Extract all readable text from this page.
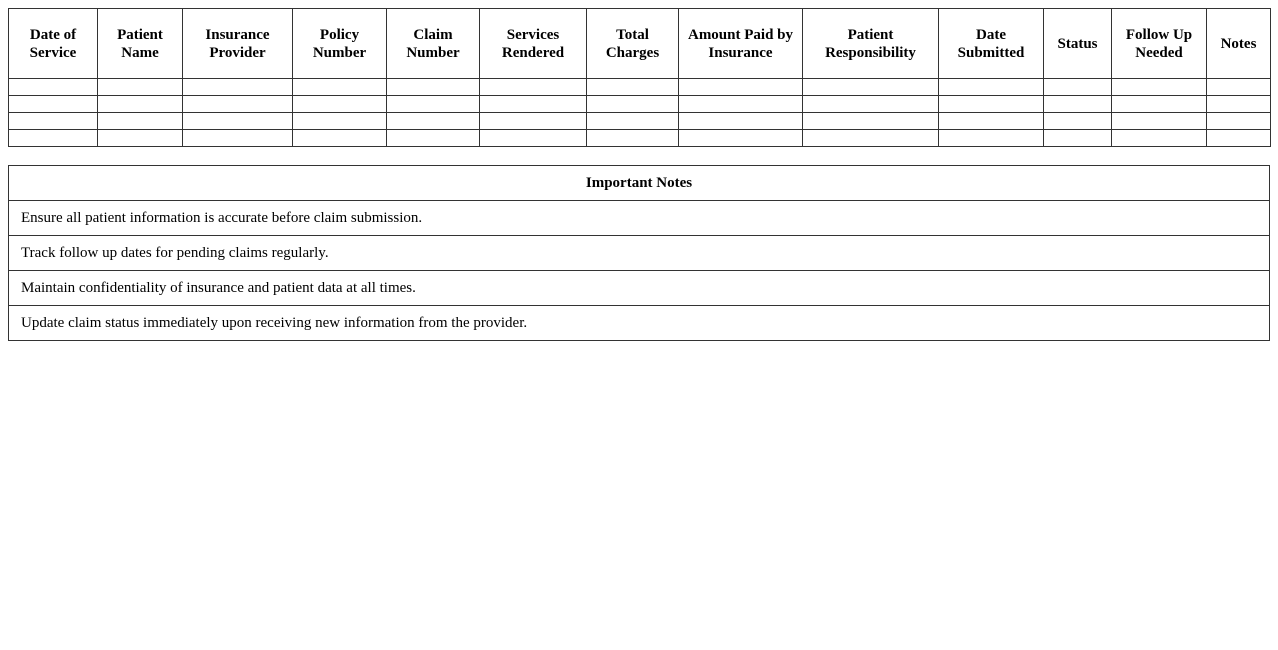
Date of Service	Patient Name	Insurance Provider	Policy Number	Claim Number	Services Rendered	Total Charges	Amount Paid by Insurance	Patient Responsibility	Date Submitted	Status	Follow Up Needed	Notes

Important Notes
Ensure all patient information is accurate before claim submission.
Track follow up dates for pending claims regularly.
Maintain confidentiality of insurance and patient data at all times.
Update claim status immediately upon receiving new information from the provider.
